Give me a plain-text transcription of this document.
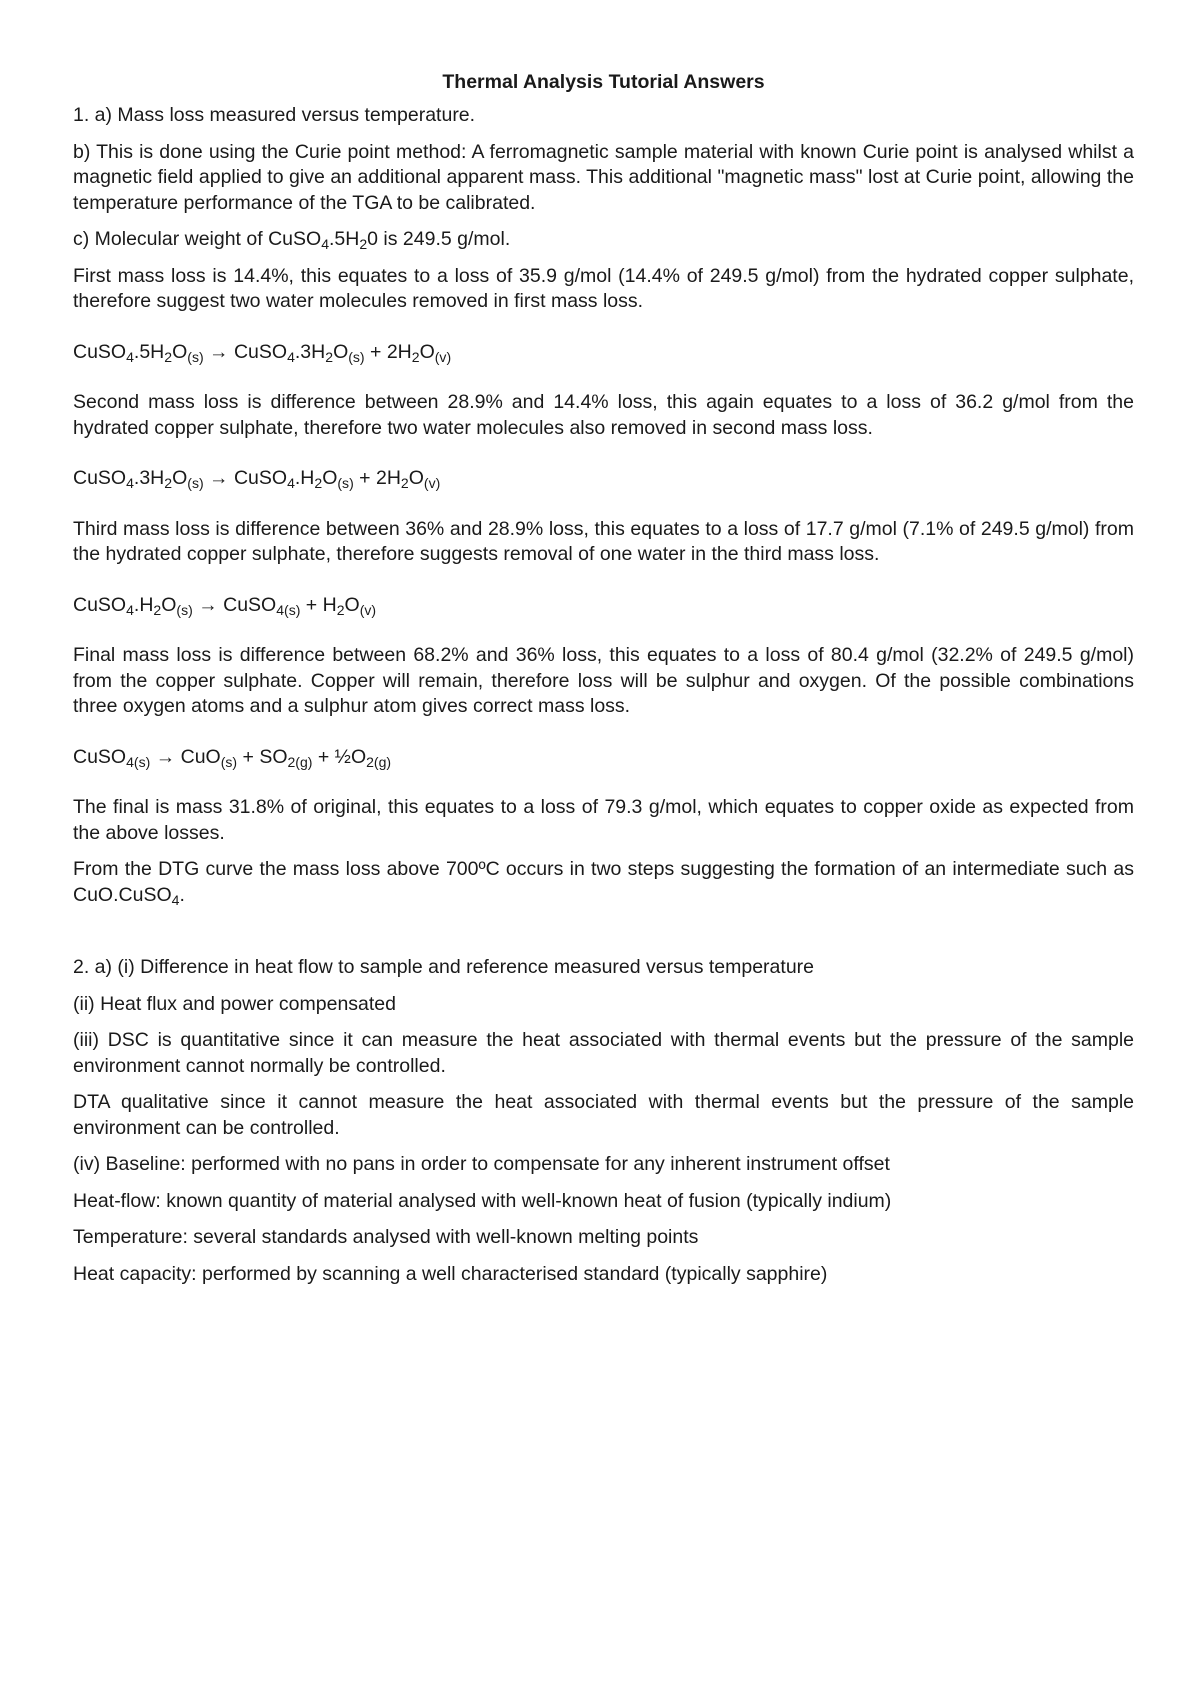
Thermal Analysis Tutorial Answers
1. a) Mass loss measured versus temperature.
b) This is done using the Curie point method: A ferromagnetic sample material with known Curie point is analysed whilst a magnetic field applied to give an additional apparent mass. This additional "magnetic mass" lost at Curie point, allowing the temperature performance of the TGA to be calibrated.
c) Molecular weight of $CuSO_4.5H_20$ is 249.5 g/mol.
First mass loss is 14.4%, this equates to a loss of 35.9 g/mol (14.4% of 249.5 g/mol) from the hydrated copper sulphate, therefore suggest two water molecules removed in first mass loss.
$CuSO_4.5H_2O_{(s)}$ → $CuSO_4.3H_2O_{(s)} + 2H_2O_{(v)}$
Second mass loss is difference between 28.9% and 14.4% loss, this again equates to a loss of 36.2 g/mol from the hydrated copper sulphate, therefore two water molecules also removed in second mass loss.
$CuSO_4.3H_2O_{(s)}$ → $CuSO_4.H_2O_{(s)} + 2H_2O_{(v)}$
Third mass loss is difference between 36% and 28.9% loss, this equates to a loss of 17.7 g/mol (7.1% of 249.5 g/mol) from the hydrated copper sulphate, therefore suggests removal of one water in the third mass loss.
$CuSO_4.H_2O_{(s)}$ → CuSO$_{4(s)}$ + $H_2O_{(v)}$
Final mass loss is difference between 68.2% and 36% loss, this equates to a loss of 80.4 g/mol (32.2% of 249.5 g/mol) from the copper sulphate. Copper will remain, therefore loss will be sulphur and oxygen. Of the possible combinations three oxygen atoms and a sulphur atom gives correct mass loss.
CuSO$_{4(s)}$ → $CuO_{(s)} + SO_{2(g)}$ + $\frac{1}{2}O_{2(g)}$
The final is mass 31.8% of original, this equates to a loss of 79.3 g/mol, which equates to copper oxide as expected from the above losses.
From the DTG curve the mass loss above 700ºC occurs in two steps suggesting the formation of an intermediate such as CuO.CuSO$_4$.
2. a) (i) Difference in heat flow to sample and reference measured versus temperature
(ii) Heat flux and power compensated
(iii) DSC is quantitative since it can measure the heat associated with thermal events but the pressure of the sample environment cannot normally be controlled.
DTA qualitative since it cannot measure the heat associated with thermal events but the pressure of the sample environment can be controlled.
(iv) Baseline: performed with no pans in order to compensate for any inherent instrument offset
Heat-flow: known quantity of material analysed with well-known heat of fusion (typically indium)
Temperature: several standards analysed with well-known melting points
Heat capacity: performed by scanning a well characterised standard (typically sapphire)
